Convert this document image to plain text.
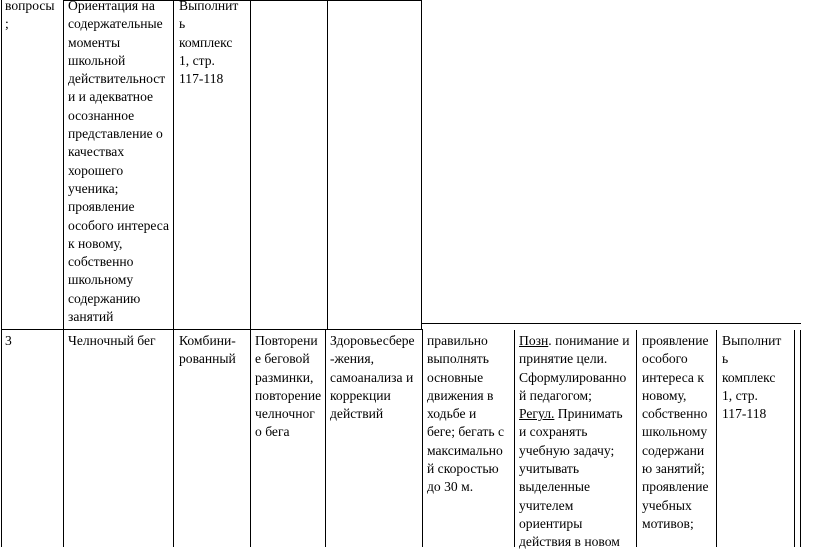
вопросы
;
Ориентация на
содержательные
моменты
школьной
действительност
и и адекватное
осознанное
представление о
качествах
хорошего
ученика;
проявление
особого интереса
к новому,
собственно
школьному
содержанию
занятий
Выполнит
ь
комплекс
1, стр.
117-118
3	Челночный бег Комбини-
рованный
Повторени
е беговой
разминки,
повторение
челночног
о бега
Здоровьесбере
-жения,
самоанализа и
коррекции
действий
правильно
выполнять
основные
движения в
ходьбе и
беге; бегать с
максимально
й скоростью
до 30 м.
Позн. понимание и
принятие цели.
Сформулированно
й педагогом;
Регул. Принимать
и сохранять
учебную задачу;
учитывать
выделенные
учителем
ориентиры
действия в новом
проявление
особого
интереса к
новому,
собственно
школьному
содержани
ю занятий;
проявление
учебных
мотивов;
Выполнит
ь
комплекс
1, стр.
117-118
